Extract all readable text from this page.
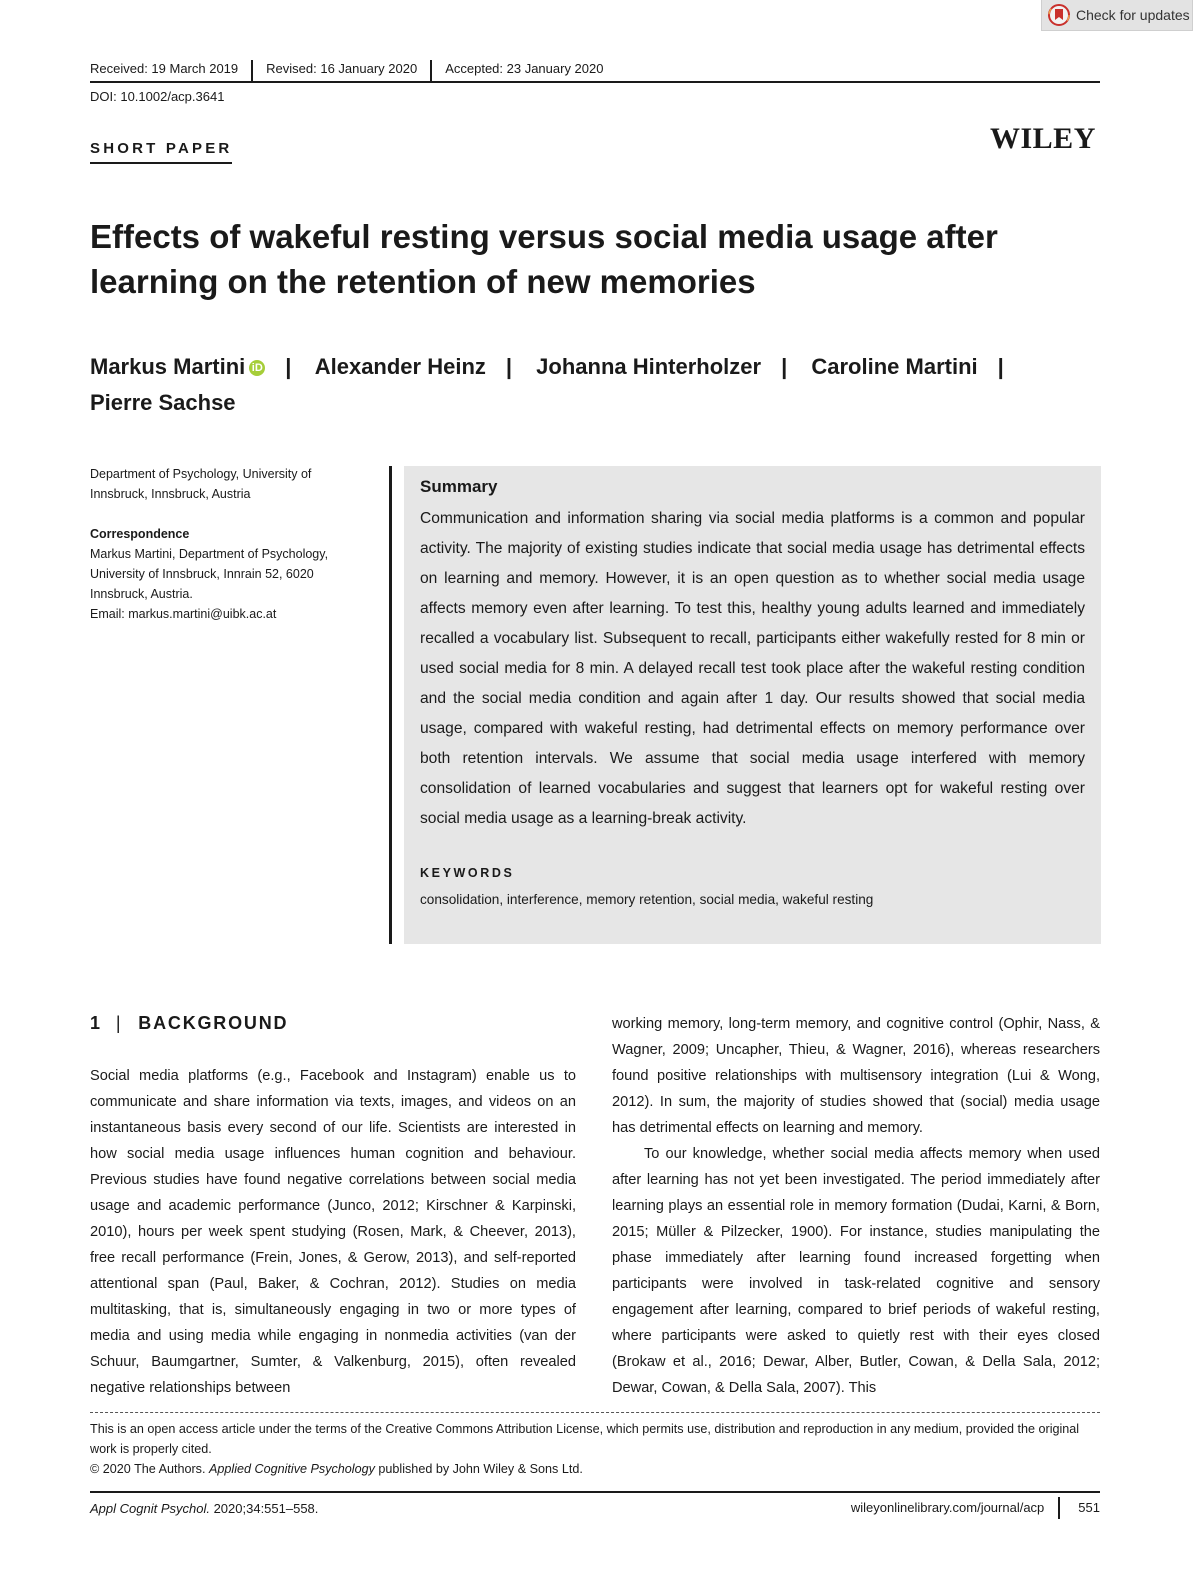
Check for updates
Received: 19 March 2019	Revised: 16 January 2020	Accepted: 23 January 2020
DOI: 10.1002/acp.3641
SHORT PAPER	WILEY
Effects of wakeful resting versus social media usage after learning on the retention of new memories
Markus Martini iD | Alexander Heinz | Johanna Hinterholzer | Caroline Martini |
Pierre Sachse

Department of Psychology, University of Innsbruck, Innsbruck, Austria

Correspondence

Markus Martini, Department of Psychology, University of Innsbruck, Innrain 52, 6020 Innsbruck, Austria.

Email: markus.martini@uibk.ac.at

Summary

Communication and information sharing via social media platforms is a common and popular activity. The majority of existing studies indicate that social media usage has detrimental effects on learning and memory. However, it is an open question as to whether social media usage affects memory even after learning. To test this, healthy young adults learned and immediately recalled a vocabulary list. Subsequent to recall, participants either wakefully rested for 8 min or used social media for 8 min. A delayed recall test took place after the wakeful resting condition and the social media condition and again after 1 day. Our results showed that social media usage, compared with wakeful resting, had detrimental effects on memory performance over both retention intervals. We assume that social media usage interfered with memory consolidation of learned vocabularies and suggest that learners opt for wakeful resting over social media usage as a learning-break activity.

KEYWORDS
consolidation, interference, memory retention, social media, wakeful resting
1 | BACKGROUND

Social media platforms (e.g., Facebook and Instagram) enable us to communicate and share information via texts, images, and videos on an instantaneous basis every second of our life. Scientists are interested in how social media usage influences human cognition and behaviour. Previous studies have found negative correlations between social media usage and academic performance (Junco, 2012; Kirschner & Karpinski, 2010), hours per week spent studying (Rosen, Mark, & Cheever, 2013), free recall performance (Frein, Jones, & Gerow, 2013), and self-reported attentional span (Paul, Baker, & Cochran, 2012). Studies on media multitasking, that is, simultaneously engaging in two or more types of media and using media while engaging in nonmedia activities (van der Schuur, Baumgartner, Sumter, & Valkenburg, 2015), often revealed negative relationships between

working memory, long-term memory, and cognitive control (Ophir, Nass, & Wagner, 2009; Uncapher, Thieu, & Wagner, 2016), whereas researchers found positive relationships with multisensory integration (Lui & Wong, 2012). In sum, the majority of studies showed that (social) media usage has detrimental effects on learning and memory.

To our knowledge, whether social media affects memory when used after learning has not yet been investigated. The period immediately after learning plays an essential role in memory formation (Dudai, Karni, & Born, 2015; Müller & Pilzecker, 1900). For instance, studies manipulating the phase immediately after learning found increased forgetting when participants were involved in task-related cognitive and sensory engagement after learning, compared to brief periods of wakeful resting, where participants were asked to quietly rest with their eyes closed (Brokaw et al., 2016; Dewar, Alber, Butler, Cowan, & Della Sala, 2012; Dewar, Cowan, & Della Sala, 2007). This

This is an open access article under the terms of the Creative Commons Attribution License, which permits use, distribution and reproduction in any medium, provided the original work is properly cited.

© 2020 The Authors. Applied Cognitive Psychology published by John Wiley & Sons Ltd.

Appl Cognit Psychol. 2020;34:551–558.	wileyonlinelibrary.com/journal/acp	551
